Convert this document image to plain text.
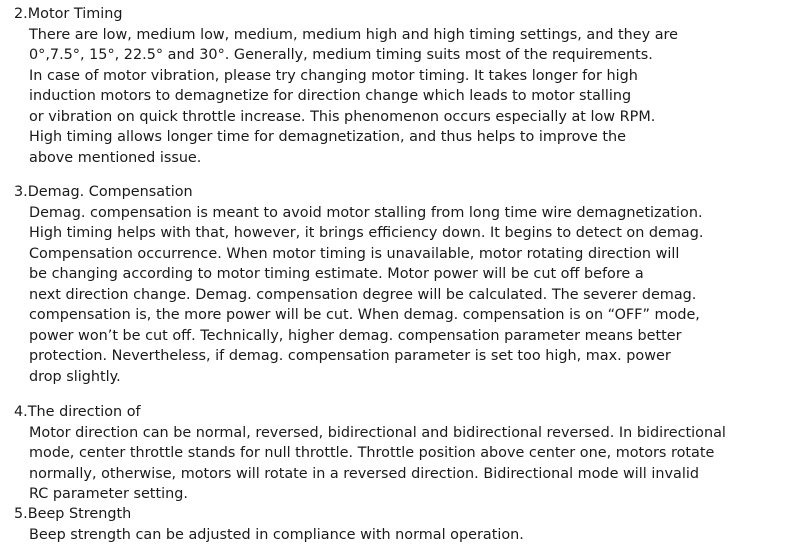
2.Motor Timing
There are low, medium low, medium, medium high and high timing settings, and they are
0°,7.5°, 15°, 22.5° and 30°. Generally, medium timing suits most of the requirements.
In case of motor vibration, please try changing motor timing. It takes longer for high
induction motors to demagnetize for direction change which leads to motor stalling
or vibration on quick throttle increase. This phenomenon occurs especially at low RPM.
High timing allows longer time for demagnetization, and thus helps to improve the
above mentioned issue.
3.Demag. Compensation
Demag. compensation is meant to avoid motor stalling from long time wire demagnetization.
High timing helps with that, however, it brings efficiency down. It begins to detect on demag.
Compensation occurrence. When motor timing is unavailable, motor rotating direction will
be changing according to motor timing estimate. Motor power will be cut off before a
next direction change. Demag. compensation degree will be calculated. The severer demag.
compensation is, the more power will be cut. When demag. compensation is on “OFF” mode,
power won’t be cut off. Technically, higher demag. compensation parameter means better
protection. Nevertheless, if demag. compensation parameter is set too high, max. power
drop slightly.
4.The direction of
Motor direction can be normal, reversed, bidirectional and bidirectional reversed. In bidirectional
mode, center throttle stands for null throttle. Throttle position above center one, motors rotate
normally, otherwise, motors will rotate in a reversed direction. Bidirectional mode will invalid
RC parameter setting.
5.Beep Strength
Beep strength can be adjusted in compliance with normal operation.
